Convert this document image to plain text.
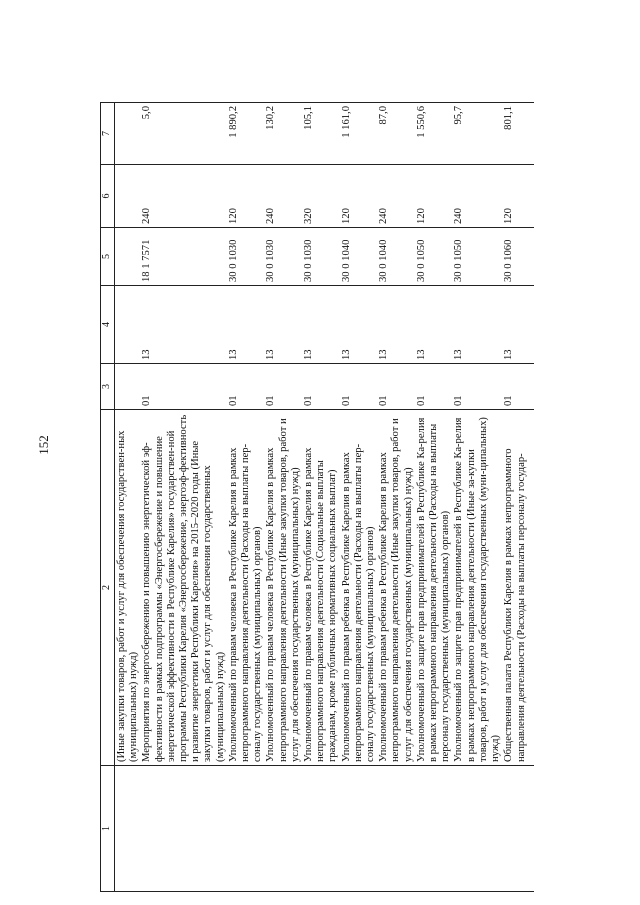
152
1	2	3	4	5	6	7
	(Иные закупки товаров, работ и услуг для обеспечения государствен-ных (муниципальных) нужд)					
	Мероприятия по энергосбережению и повышению энергетической эф-фективности в рамках подпрограммы «Энергосбережение и повышение энергетической эффективности в Республике Карелия» государствен-ной программы Республики Карелия «Энергосбережение, энергоэф-фективность и развитие энергетики Республики Карелия» на 2015–2020 годы (Иные закупки товаров, работ и услуг для обеспечения государственных (муниципальных) нужд)	01	13	18 1 7571	240	5,0
	Уполномоченный по правам человека в Республике Карелия в рамках непрограммного направления деятельности (Расходы на выплаты пер-соналу государственных (муниципальных) органов)	01	13	30 0 1030	120	1 890,2
	Уполномоченный по правам человека в Республике Карелия в рамках непрограммного направления деятельности (Иные закупки товаров, работ и услуг для обеспечения государственных (муниципальных) нужд)	01	13	30 0 1030	240	130,2
	Уполномоченный по правам человека в Республике Карелия в рамках непрограммного направления деятельности (Социальные выплаты гражданам, кроме публичных нормативных социальных выплат)	01	13	30 0 1030	320	105,1
	Уполномоченный по правам ребенка в Республике Карелия в рамках непрограммного направления деятельности (Расходы на выплаты пер-соналу государственных (муниципальных) органов)	01	13	30 0 1040	120	1 161,0
	Уполномоченный по правам ребенка в Республике Карелия в рамках непрограммного направления деятельности (Иные закупки товаров, работ и услуг для обеспечения государственных (муниципальных) нужд)	01	13	30 0 1040	240	87,0
	Уполномоченный по защите прав предпринимателей в Республике Ка-релия в рамках непрограммного направления деятельности (Расходы на выплаты персоналу государственных (муниципальных) органов)	01	13	30 0 1050	120	1 550,6
	Уполномоченный по защите прав предпринимателей в Республике Ка-релия в рамках непрограммного направления деятельности (Иные за-купки товаров, работ и услуг для обеспечения государственных (муни-ципальных) нужд)	01	13	30 0 1050	240	95,7
	Общественная палата Республики Карелия в рамках непрограммного направления деятельности (Расходы на выплаты персоналу государ-	01	13	30 0 1060	120	801,1
